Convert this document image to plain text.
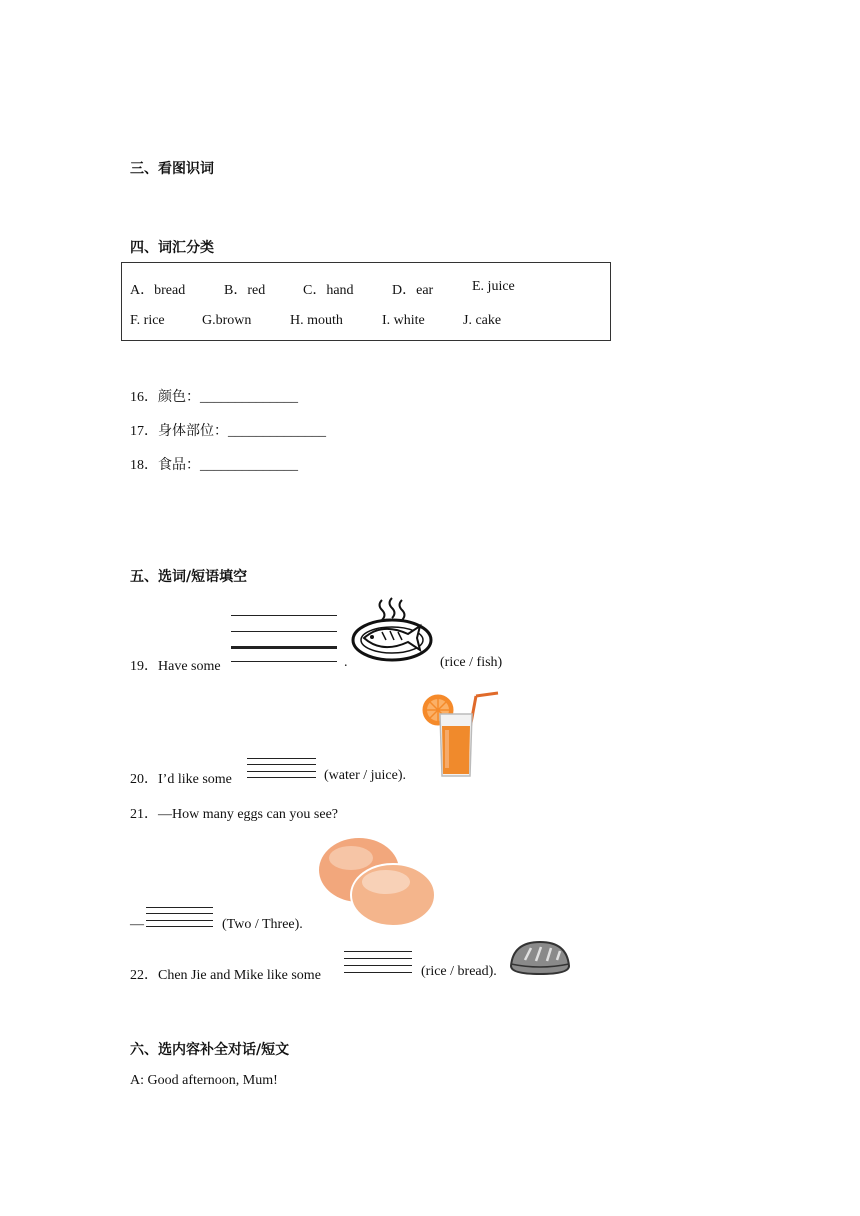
三、看图识词
四、词汇分类
A．bread	B．red	C．hand	D．ear	E. juice
F. rice	G.brown	H. mouth	I. white	J. cake
16．颜色：______________
17．身体部位：______________
18．食品：______________
五、选词/短语填空
19．Have some	.	(rice / fish)
20．I’d like some	(water / juice).
21．—How many eggs can you see?
—	(Two / Three).
22．Chen Jie and Mike like some	(rice / bread).
六、选内容补全对话/短文
A: Good afternoon, Mum!
